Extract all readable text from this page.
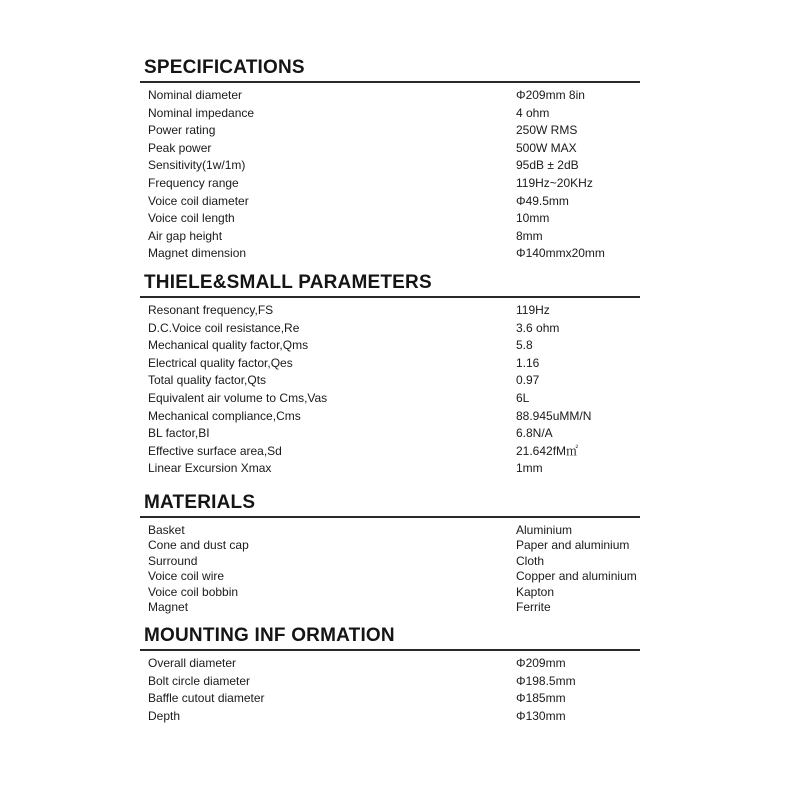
SPECIFICATIONS
Nominal diameter	Φ209mm 8in
Nominal impedance	4 ohm
Power rating	250W RMS
Peak power	500W MAX
Sensitivity(1w/1m)	95dB ± 2dB
Frequency range	119Hz~20KHz
Voice coil diameter	Φ49.5mm
Voice coil length	10mm
Air gap height	8mm
Magnet dimension	Φ140mmx20mm
THIELE&SMALL PARAMETERS
Resonant frequency,FS	119Hz
D.C.Voice coil resistance,Re	3.6 ohm
Mechanical quality factor,Qms	5.8
Electrical quality factor,Qes	1.16
Total quality factor,Qts	0.97
Equivalent air volume to Cms,Vas	6L
Mechanical compliance,Cms	88.945uMM/N
BL factor,BI	6.8N/A
Effective surface area,Sd	21.642fM㎡
Linear Excursion Xmax	1mm
MATERIALS
Basket	Aluminium
Cone and dust cap	Paper and aluminium
Surround	Cloth
Voice coil wire	Copper and aluminium
Voice coil bobbin	Kapton
Magnet	Ferrite
MOUNTING INF ORMATION
Overall diameter	Φ209mm
Bolt circle diameter	Φ198.5mm
Baffle cutout diameter	Φ185mm
Depth	Φ130mm
